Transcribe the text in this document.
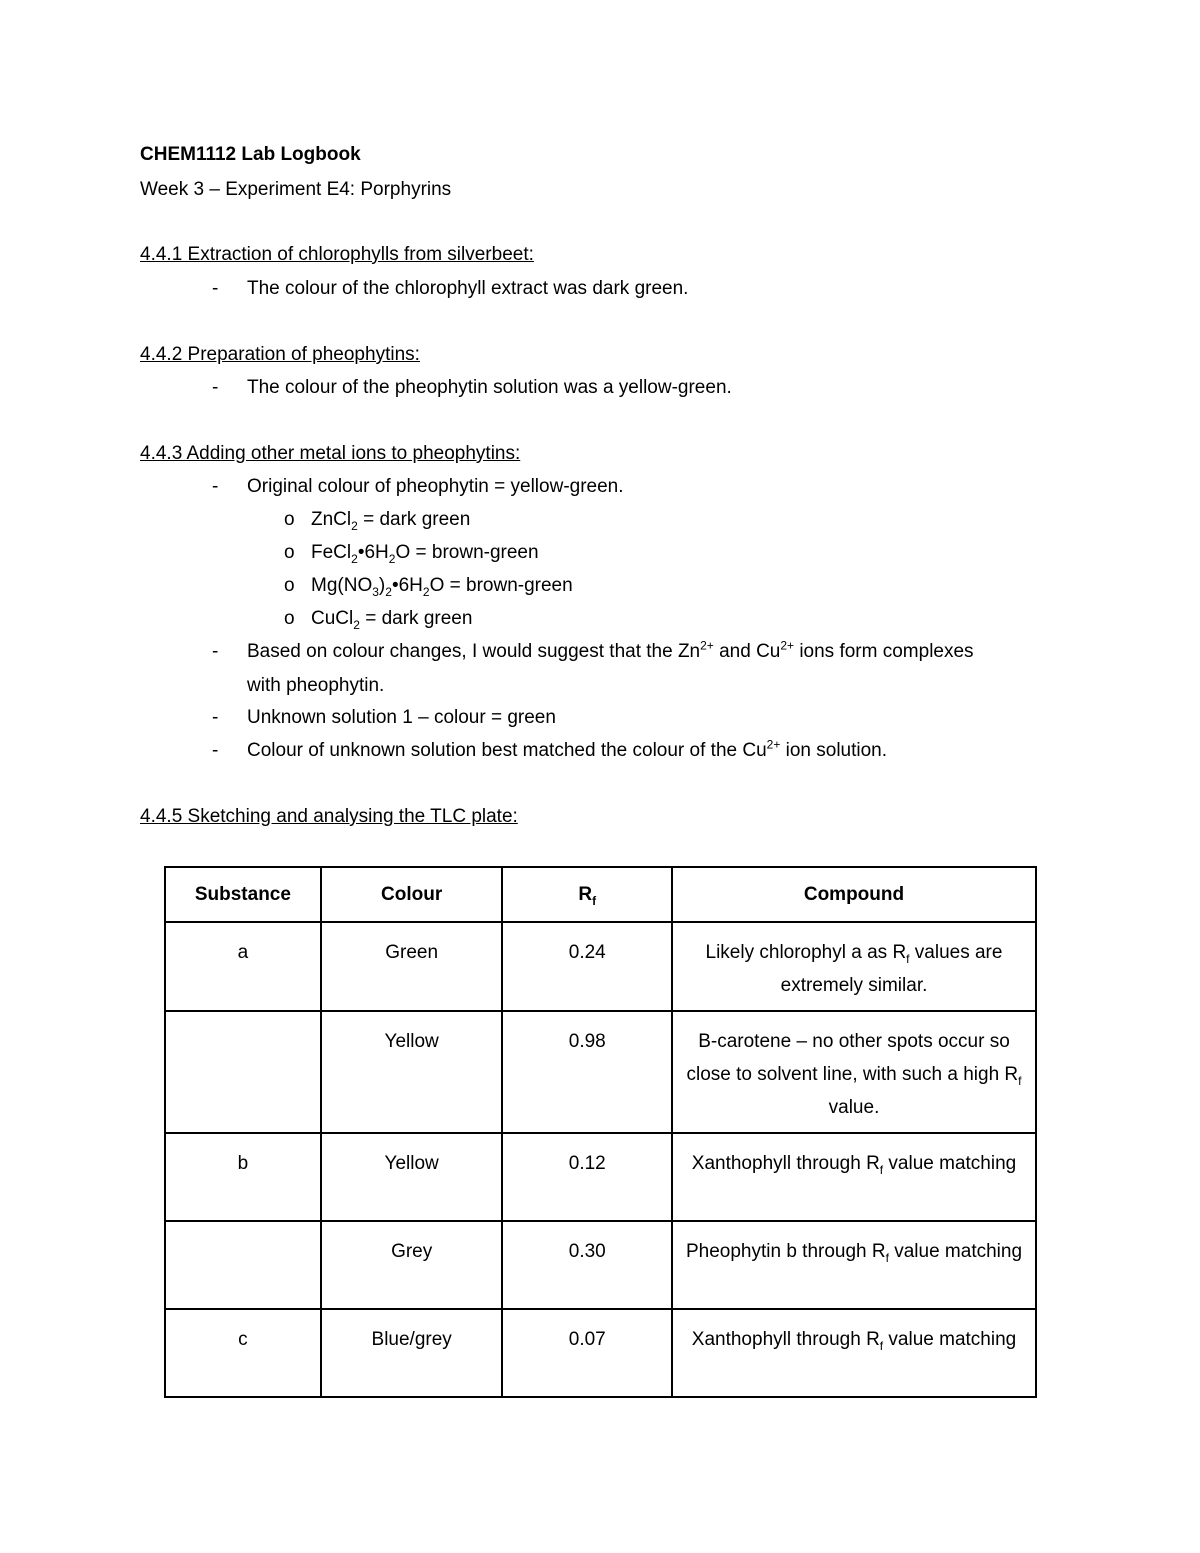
CHEM1112 Lab Logbook
Week 3 – Experiment E4: Porphyrins
4.4.1 Extraction of chlorophylls from silverbeet:
- The colour of the chlorophyll extract was dark green.
4.4.2 Preparation of pheophytins:
- The colour of the pheophytin solution was a yellow-green.
4.4.3 Adding other metal ions to pheophytins:
- Original colour of pheophytin = yellow-green.
o ZnCl$_2$ = dark green
o $FeCl_2•6H_2O$ = brown-green
o $Mg(NO_3)_2•6H_2O$ = brown-green
o CuCl$_2$ = dark green
- Based on colour changes, I would suggest that the $Zn^{2+}$ and $Cu^{2+}$ ions form complexes
with pheophytin.
- Unknown solution 1 – colour = green
- Colour of unknown solution best matched the colour of the $Cu^{2+}$ ion solution.
4.4.5 Sketching and analysing the TLC plate:
Substance	Colour	$R_f$	Compound
a	Green	0.24	Likely chlorophyl a as $R_f$ values are extremely similar.
	Yellow	0.98	B-carotene – no other spots occur so close to solvent line, with such a high $R_f$ value.
b	Yellow	0.12	Xanthophyll through $R_f$ value matching
	Grey	0.30	Pheophytin b through $R_f$ value matching
c	Blue/grey	0.07	Xanthophyll through $R_f$ value matching
